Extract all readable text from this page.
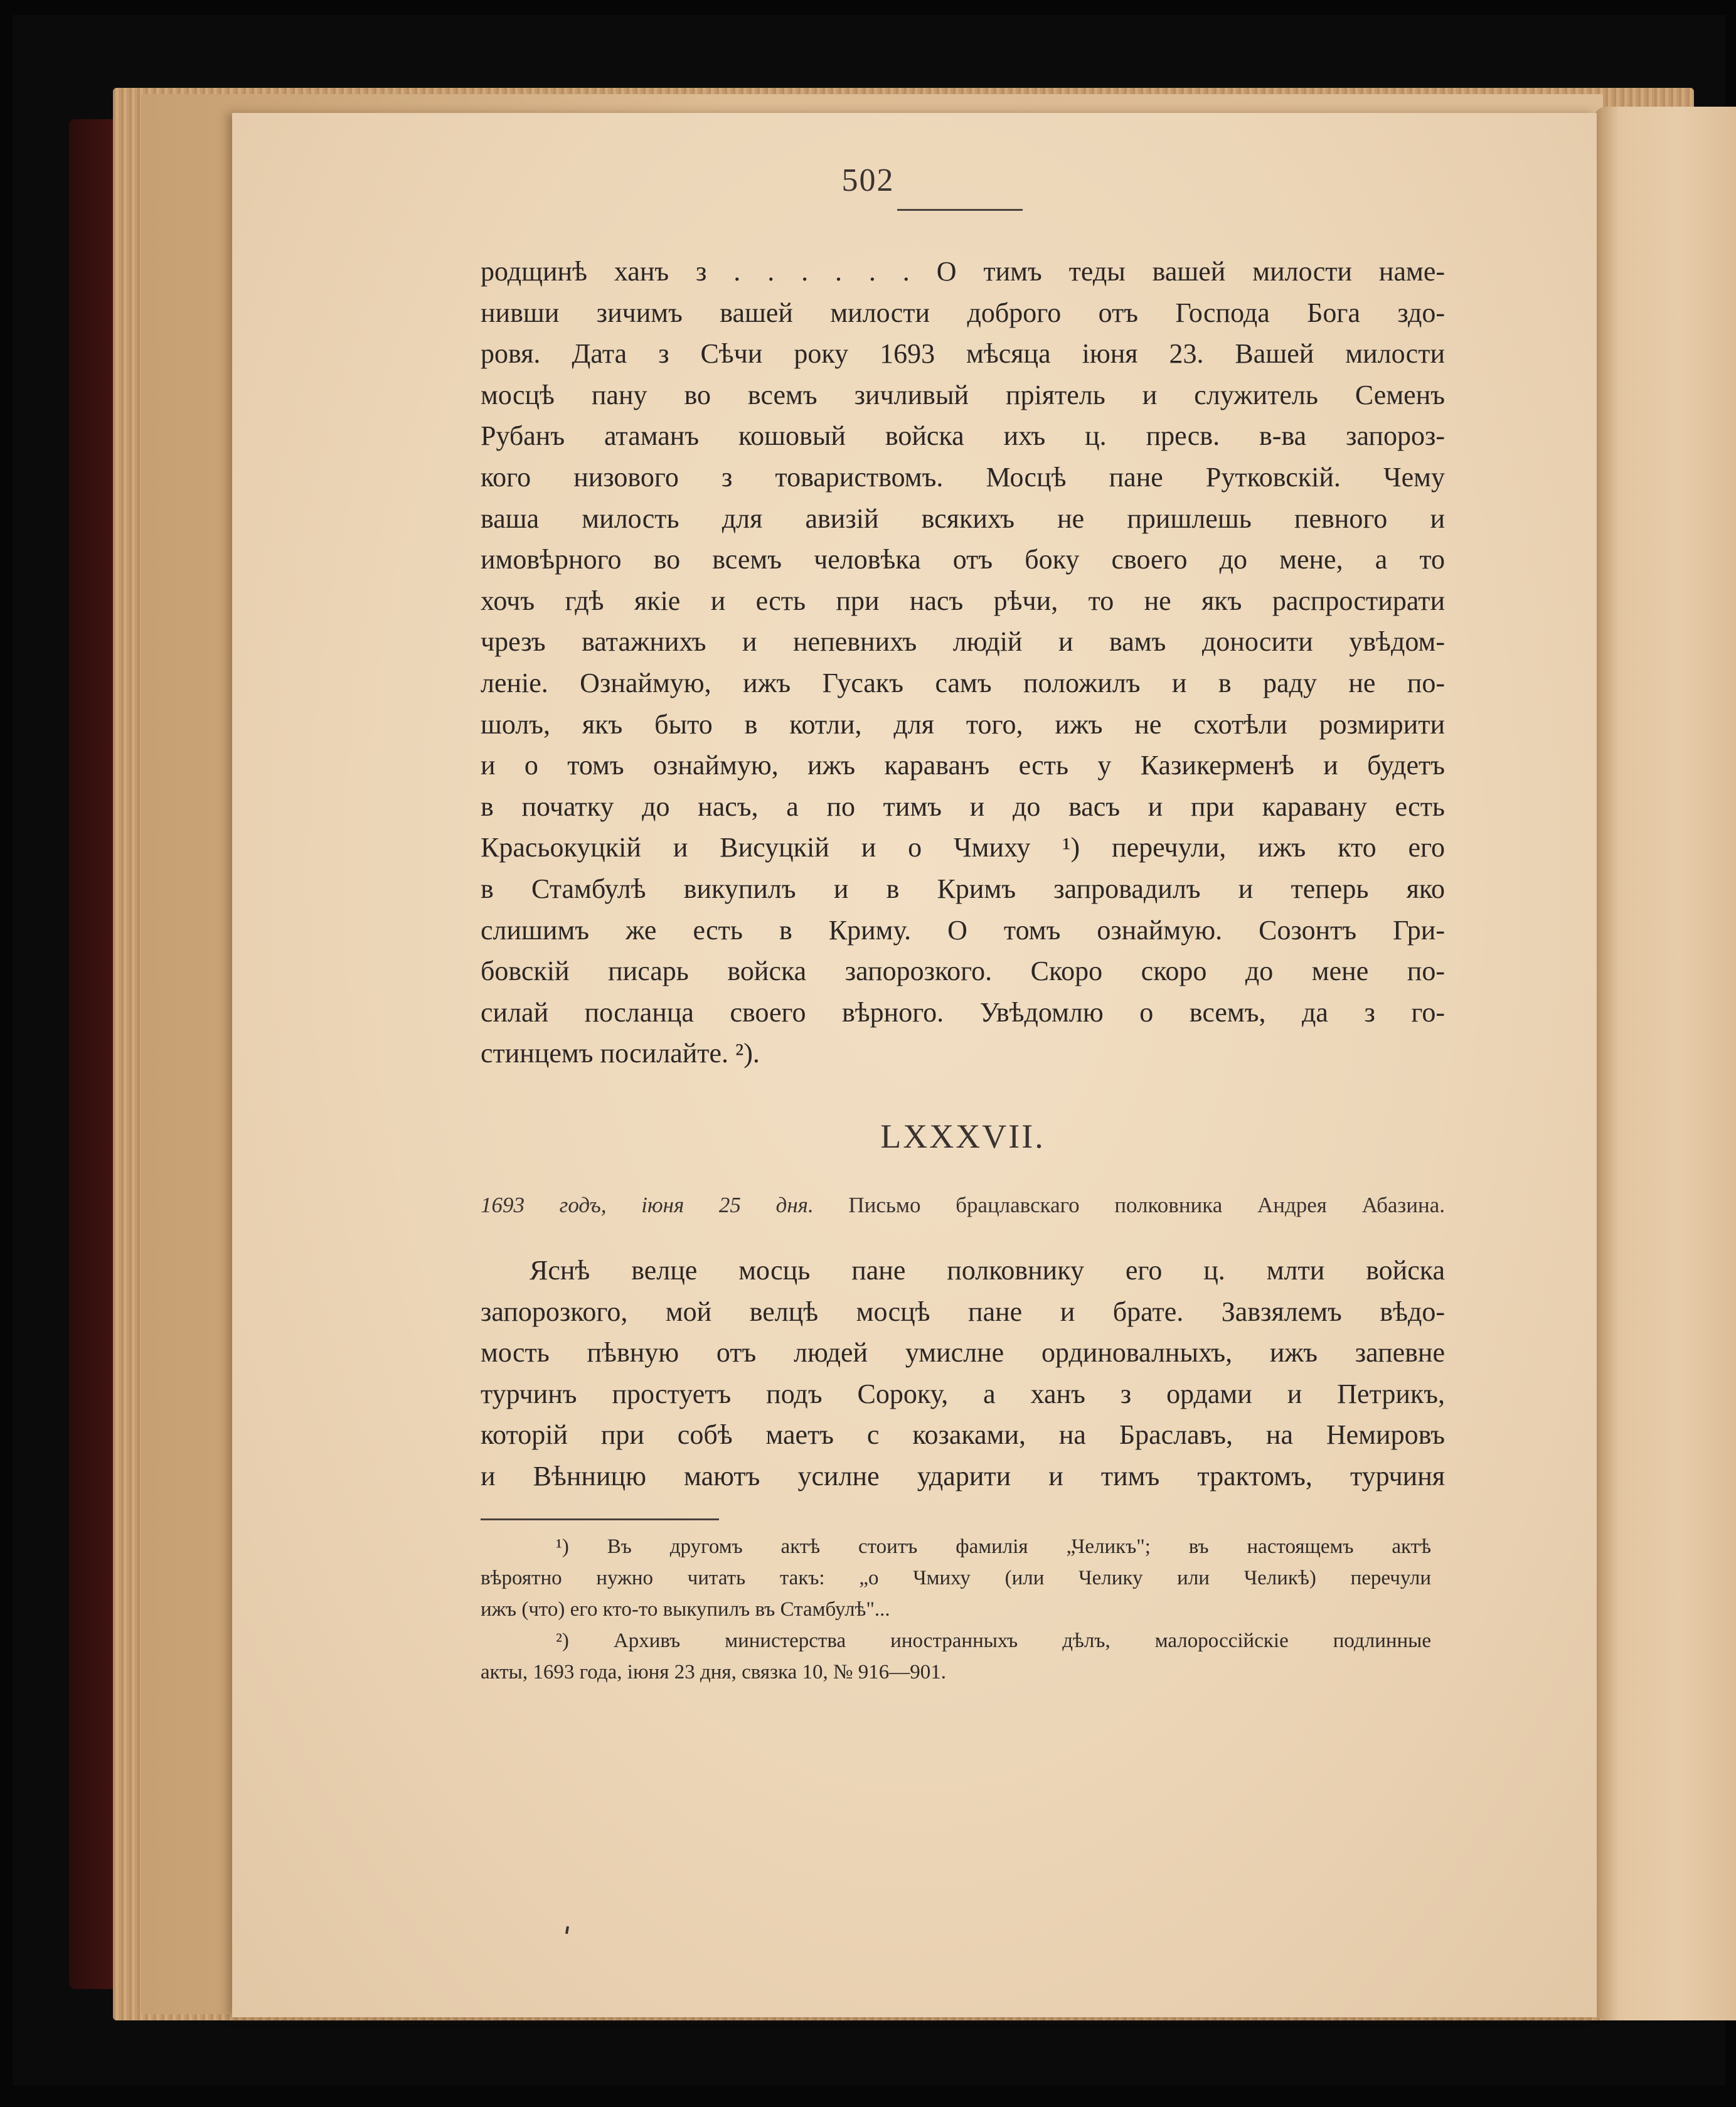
502
родщинѣ ханъ з . . . . . . О тимъ теды вашей милости наме-
нивши зичимъ вашей милости доброго отъ Господа Бога здо-
ровя. Дата з Сѣчи року 1693 мѣсяца іюня 23. Вашей милости
мосцѣ пану во всемъ зичливый пріятель и служитель Семенъ
Рубанъ атаманъ кошовый войска ихъ ц. пресв. в-ва запороз-
кого низового з товариствомъ. Мосцѣ пане Рутковскій. Чему
ваша милость для авизій всякихъ не пришлешь певного и
имовѣрного во всемъ человѣка отъ боку своего до мене, а то
хочъ гдѣ якіе и есть при насъ рѣчи, то не якъ распростирати
чрезъ ватажнихъ и непевнихъ людій и вамъ доносити увѣдом-
леніе. Ознаймую, ижъ Гусакъ самъ положилъ и в раду не по-
шолъ, якъ быто в котли, для того, ижъ не схотѣли розмирити
и о томъ ознаймую, ижъ караванъ есть у Казикерменѣ и будетъ
в початку до насъ, а по тимъ и до васъ и при каравану есть
Красьокуцкій и Висуцкій и о Чмиху ¹) перечули, ижъ кто его
в Стамбулѣ викупилъ и в Кримъ запровадилъ и теперь яко
слишимъ же есть в Криму. О томъ ознаймую. Созонтъ Гри-
бовскій писарь войска запорозкого. Скоро скоро до мене по-
силай посланца своего вѣрного. Увѣдомлю о всемъ, да з го-
стинцемъ посилайте. ²).
LXXXVII.
1693 годъ, іюня 25 дня. Письмо брацлавскаго полковника Андрея Абазина.
Яснѣ велце мосць пане полковнику его ц. млти войска
запорозкого, мой велцѣ мосцѣ пане и брате. Завзялемъ вѣдо-
мость пѣвную отъ людей умислне ординовалныхъ, ижъ запевне
турчинъ простуетъ подъ Сороку, а ханъ з ордами и Петрикъ,
которій при собѣ маетъ с козаками, на Браславъ, на Немировъ
и Вѣнницю маютъ усилне ударити и тимъ трактомъ, турчиня
¹) Въ другомъ актѣ стоитъ фамилія „Челикъ"; въ настоящемъ актѣ
вѣроятно нужно читать такъ: „о Чмиху (или Челику или Челикѣ) перечули
ижъ (что) его кто-то выкупилъ въ Стамбулѣ"...
²) Архивъ министерства иностранныхъ дѣлъ, малороссійскіе подлинные
акты, 1693 года, іюня 23 дня, связка 10, № 916—901.
